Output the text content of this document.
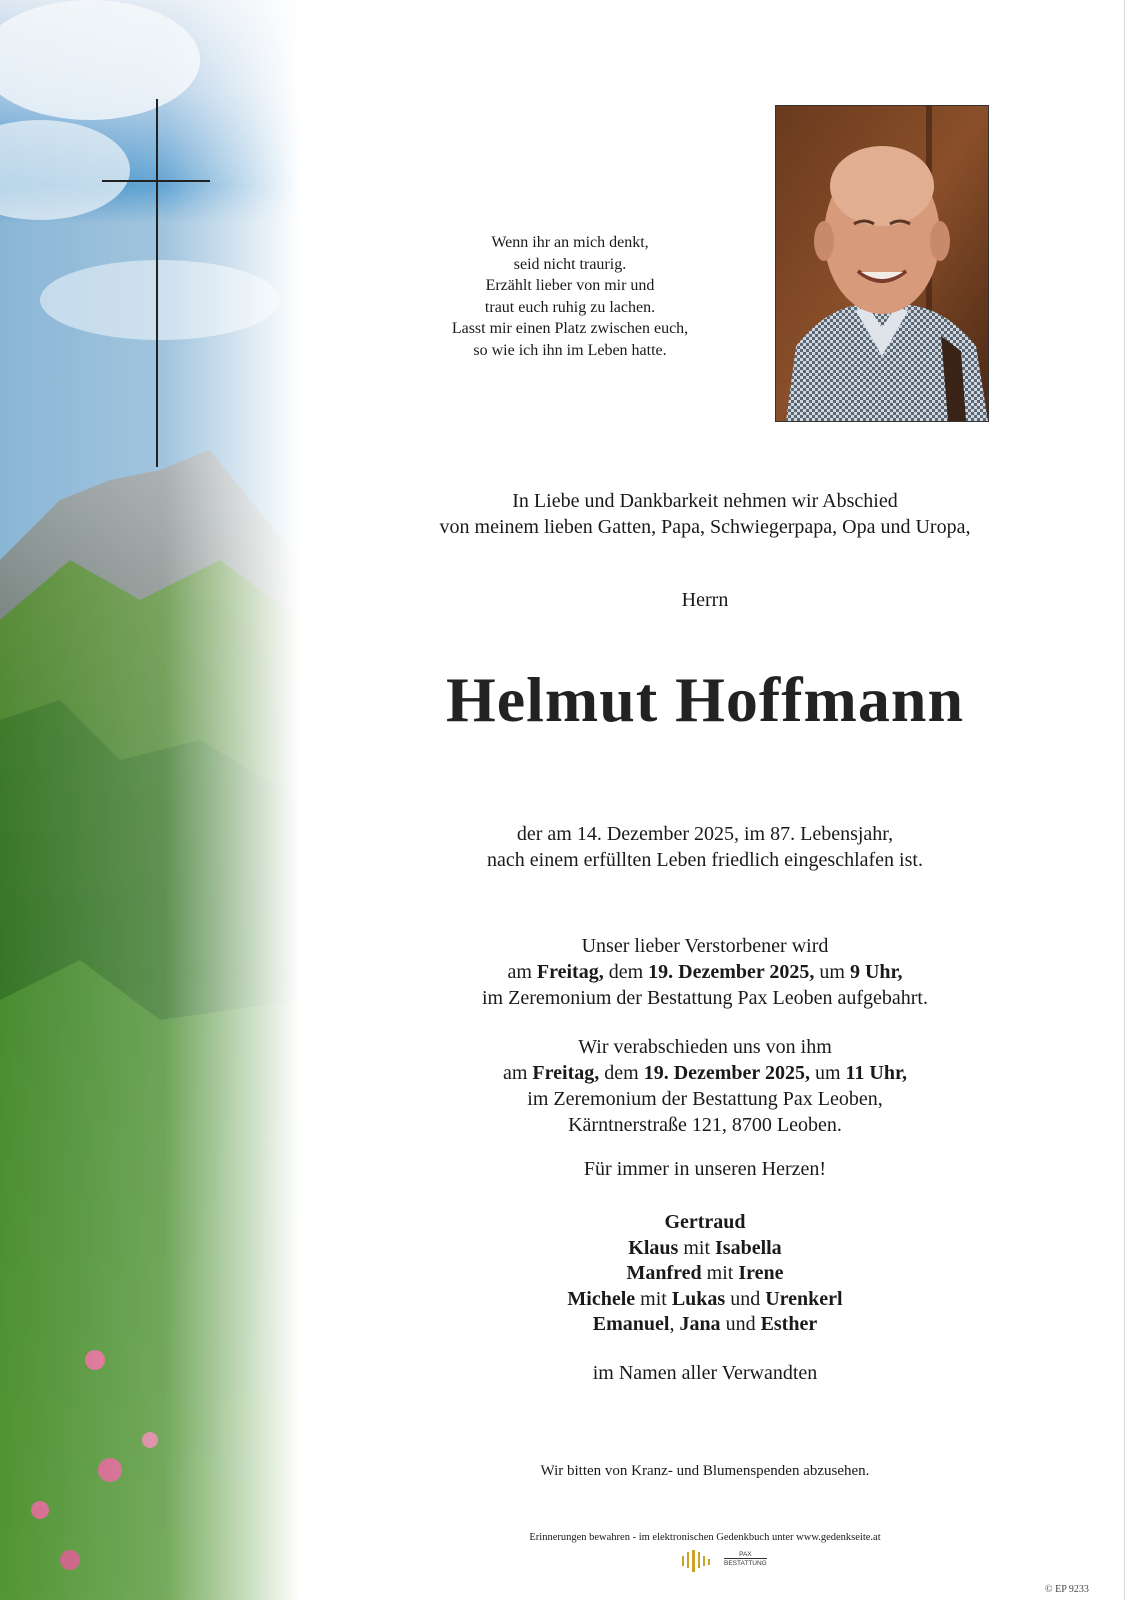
Wenn ihr an mich denkt,
seid nicht traurig.
Erzählt lieber von mir und
traut euch ruhig zu lachen.
Lasst mir einen Platz zwischen euch,
so wie ich ihn im Leben hatte.
In Liebe und Dankbarkeit nehmen wir Abschied
von meinem lieben Gatten, Papa, Schwiegerpapa, Opa und Uropa,
Herrn
Helmut Hoffmann
der am 14. Dezember 2025, im 87. Lebensjahr,
nach einem erfüllten Leben friedlich eingeschlafen ist.
Unser lieber Verstorbener wird
am Freitag, dem 19. Dezember 2025, um 9 Uhr,
im Zeremonium der Bestattung Pax Leoben aufgebahrt.
Wir verabschieden uns von ihm
am Freitag, dem 19. Dezember 2025, um 11 Uhr,
im Zeremonium der Bestattung Pax Leoben,
Kärntnerstraße 121, 8700 Leoben.
Für immer in unseren Herzen!
Gertraud
Klaus mit Isabella
Manfred mit Irene
Michele mit Lukas und Urenkerl
Emanuel, Jana und Esther
im Namen aller Verwandten
Wir bitten von Kranz- und Blumenspenden abzusehen.
Erinnerungen bewahren - im elektronischen Gedenkbuch unter www.gedenkseite.at
PAX
BESTATTUNG
© EP 9233
